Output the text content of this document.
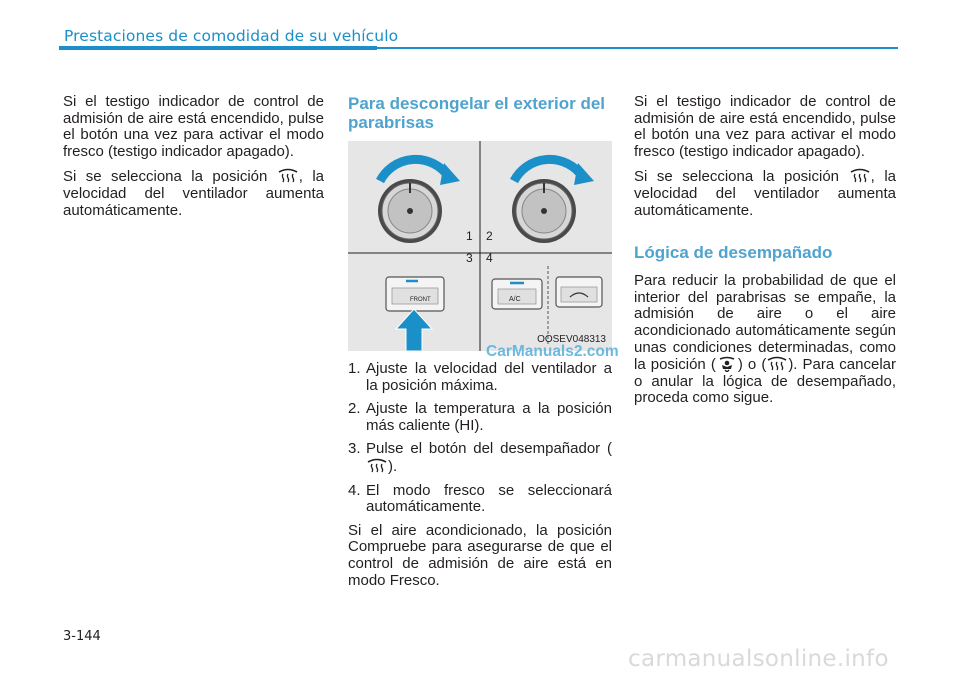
Prestaciones de comodidad de su vehículo

Si el testigo indicador de control de admisión de aire está encendido, pulse el botón una vez para activar el modo fresco (testigo indicador apagado).

Si se selecciona la posición , la velocidad del ventilador aumenta automáticamente.

Para descongelar el exterior del parabrisas
1 2
3 4
FRONT	A/C
OOSEV048313
1. Ajuste la velocidad del ventilador a la posición máxima.
2. Ajuste la temperatura a la posición más caliente (HI).
3. Pulse el botón del desempañador ().
4. El modo fresco se seleccionará automáticamente.

Si el aire acondicionado, la posición Compruebe para asegurarse de que el control de admisión de aire está en modo Fresco.

CarManuals2.com

Si el testigo indicador de control de admisión de aire está encendido, pulse el botón una vez para activar el modo fresco (testigo indicador apagado).

Si se selecciona la posición , la velocidad del ventilador aumenta automáticamente.

Lógica de desempañado

Para reducir la probabilidad de que el interior del parabrisas se empañe, la admisión de aire o el aire acondicionado automáticamente según unas condiciones determinadas, como la posición ( ) o ( ). Para cancelar o anular la lógica de desempañado, proceda como sigue.

3-144
carmanualsonline.info
